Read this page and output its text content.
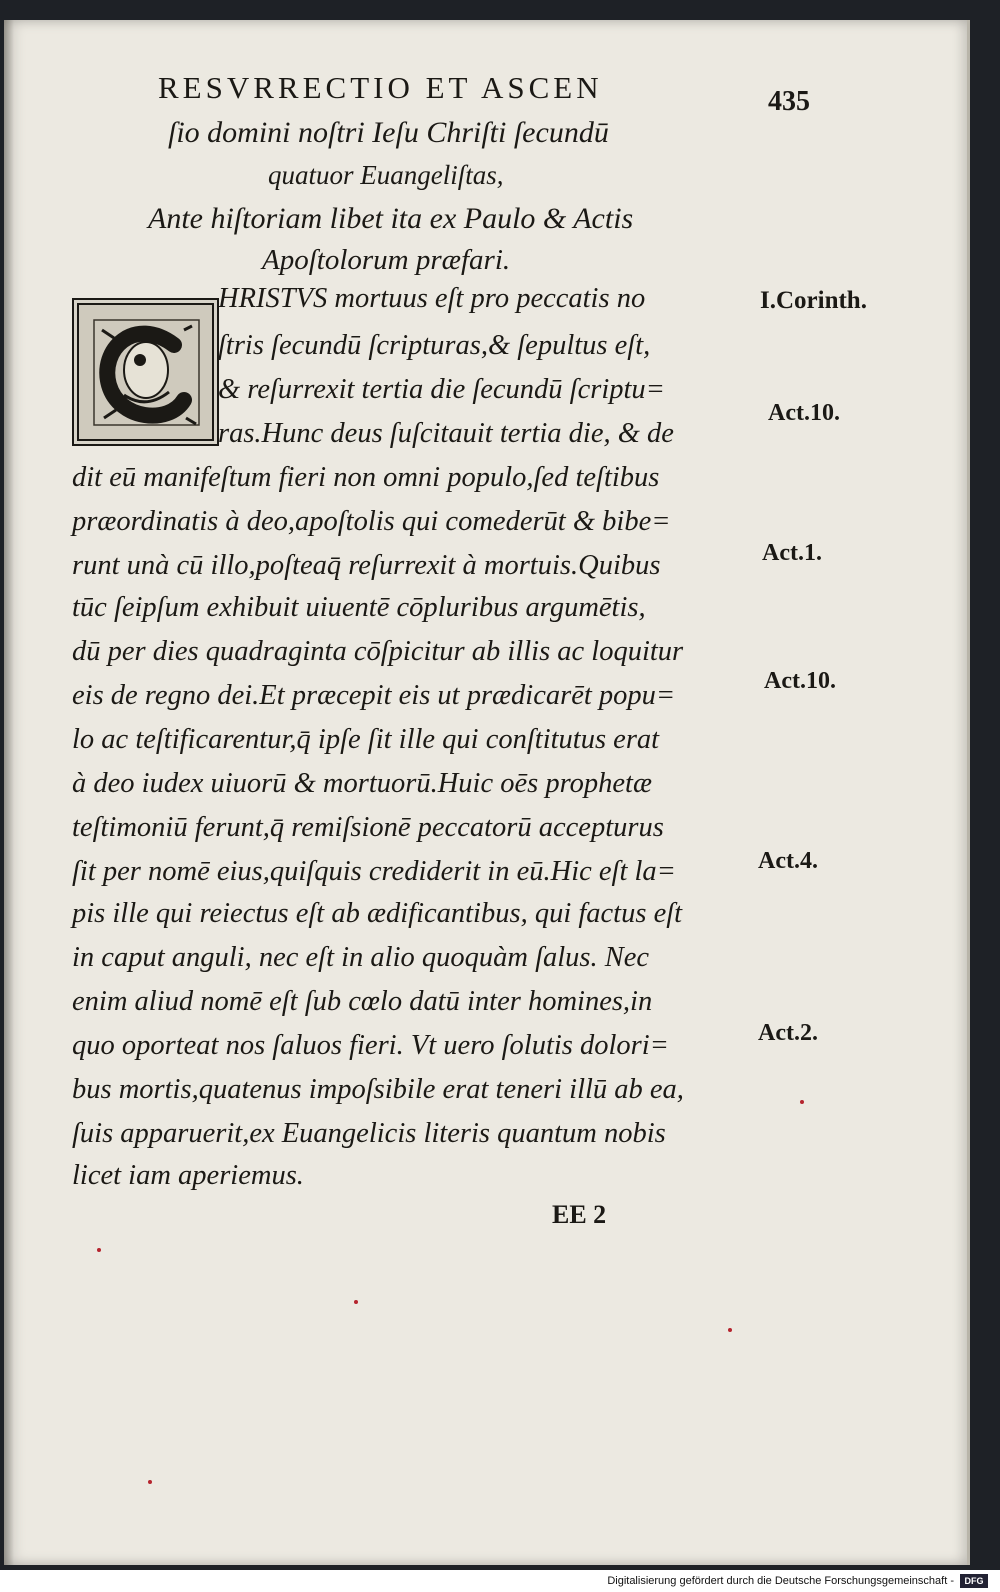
RESVRRECTIO ET ASCEN
ſio domini noſtri Ieſu Chriſti ſecundū
quatuor Euangeliſtas,
Ante hiſtoriam libet ita ex Paulo & Actis
Apoſtolorum præfari.
435
HRISTVS mortuus eſt pro peccatis no
ſtris ſecundū ſcripturas,& ſepultus eſt,
& reſurrexit tertia die ſecundū ſcriptu=
ras.Hunc deus ſuſcitauit tertia die, & de
dit eū manifeſtum fieri non omni populo,ſed teſtibus
præordinatis à deo,apoſtolis qui comederūt & bibe=
runt unà cū illo,poſteaq̄ reſurrexit à mortuis.Quibus
tūc ſeipſum exhibuit uiuentē cōpluribus argumētis,
dū per dies quadraginta cōſpicitur ab illis ac loquitur
eis de regno dei.Et præcepit eis ut prædicarēt popu=
lo ac teſtificarentur,q̄ ipſe ſit ille qui conſtitutus erat
à deo iudex uiuorū & mortuorū.Huic oēs prophetæ
teſtimoniū ferunt,q̄ remiſsionē peccatorū accepturus
ſit per nomē eius,quiſquis crediderit in eū.Hic eſt la=
pis ille qui reiectus eſt ab ædificantibus, qui factus eſt
in caput anguli, nec eſt in alio quoquàm ſalus. Nec
enim aliud nomē eſt ſub cœlo datū inter homines,in
quo oporteat nos ſaluos fieri. Vt uero ſolutis dolori=
bus mortis,quatenus impoſsibile erat teneri illū ab ea,
ſuis apparuerit,ex Euangelicis literis quantum nobis
licet iam aperiemus.
I.Corinth.
Act.10.
Act.1.
Act.10.
Act.4.
Act.2.
EE 2
Digitalisierung gefördert durch die Deutsche Forschungsgemeinschaft -	DFG
